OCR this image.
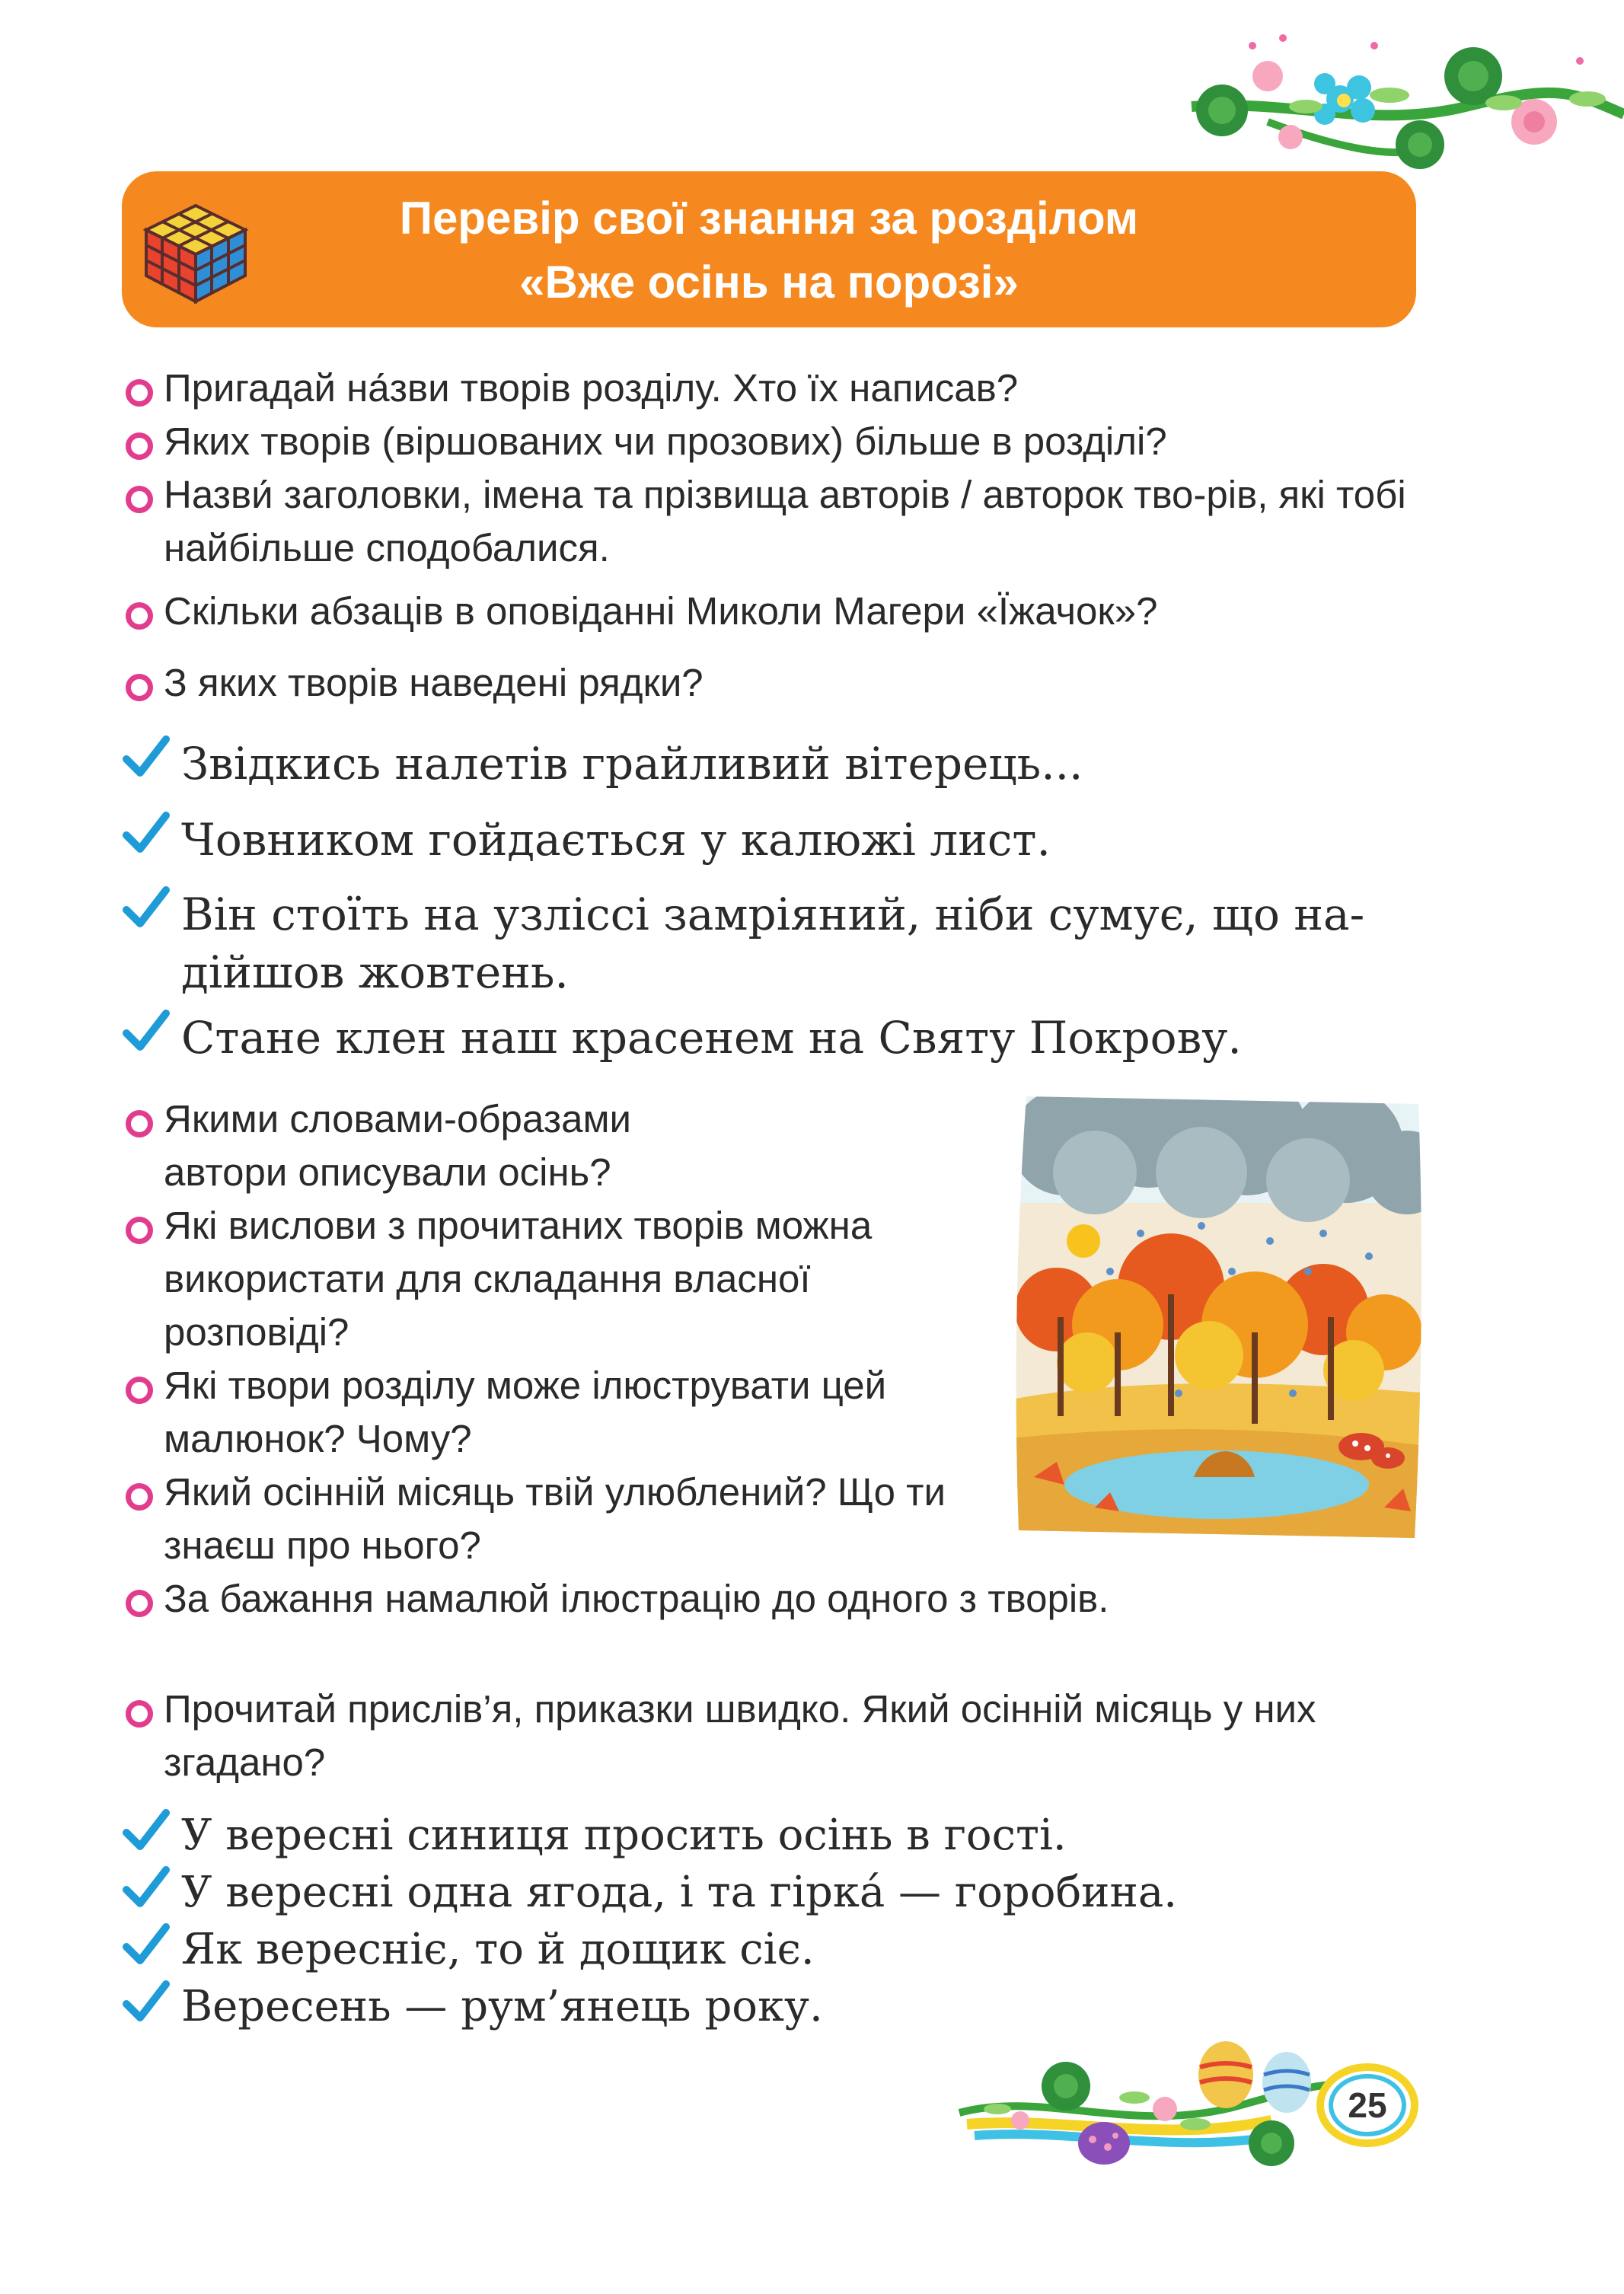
Перевір свої знання за розділом
«Вже осінь на порозі»
Пригадай на́зви творів розділу. Хто їх написав?
Яких творів (віршованих чи прозових) більше в розділі?
Назви́ заголовки, імена та прізвища авторів / авторок тво-рів, які тобі найбільше сподобалися.
Скільки абзаців в оповіданні Миколи Магери «Їжачок»?
З яких творів наведені рядки?
Звідкись налетів грайливий вітерець...
Човником гойдається у калюжі лист.
Він стоїть на узліссі замріяний, ніби сумує, що на-дійшов жовтень.
Стане клен наш красенем на Святу Покрову.
Якими словами-образами автори описували осінь?
Які вислови з прочитаних творів можна використати для складання власної розповіді?
Які твори розділу може ілюструвати цей малюнок? Чому?
Який осінній місяць твій улюблений? Що ти знаєш про нього?
За бажання намалюй ілюстрацію до одного з творів.
Прочитай прислів’я, приказки швидко. Який осінній місяць у них згадано?
У вересні синиця просить осінь в гості.
У вересні одна ягода, і та гірка́ — горобина.
Як вереснiє, то й дощик сіє.
Вересень — рум’янець року.
25
